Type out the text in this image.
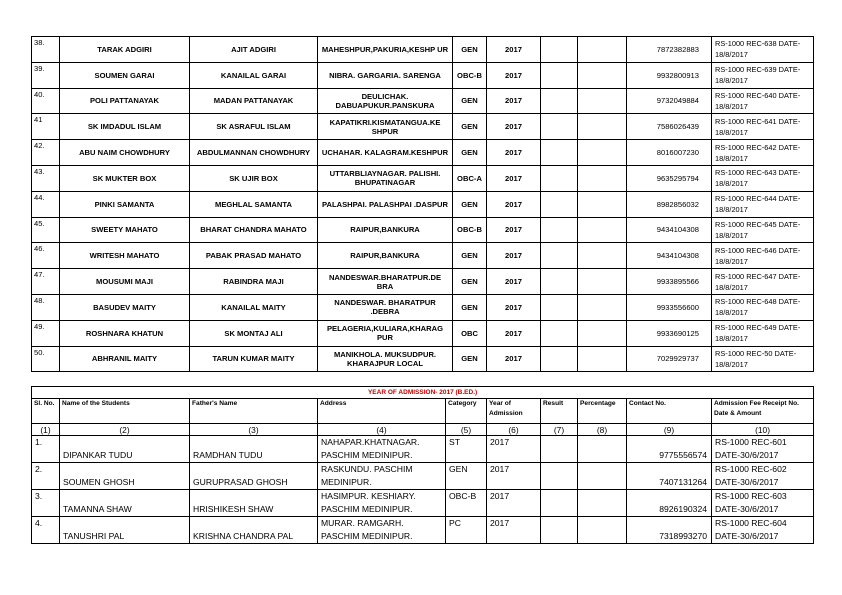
38.	TARAK ADGIRI	AJIT ADGIRI	MAHESHPUR,PAKURIA,KESHP UR	GEN	2017			7872382883	RS-1000 REC-638 DATE- 18/8/2017
39.	SOUMEN GARAI	KANAILAL GARAI	NIBRA. GARGARIA. SARENGA	OBC-B	2017			9932800913	RS-1000 REC-639 DATE- 18/8/2017
40.	POLI PATTANAYAK	MADAN PATTANAYAK	DEULICHAK. DABUAPUKUR.PANSKURA	GEN	2017			9732049884	RS-1000 REC-640 DATE- 18/8/2017
41	SK IMDADUL ISLAM	SK ASRAFUL ISLAM	KAPATIKRI.KISMATANGUA.KE SHPUR	GEN	2017			7586026439	RS-1000 REC-641 DATE- 18/8/2017
42.	ABU NAIM CHOWDHURY	ABDULMANNAN CHOWDHURY	UCHAHAR. KALAGRAM.KESHPUR	GEN	2017			8016007230	RS-1000 REC-642 DATE- 18/8/2017
43.	SK MUKTER BOX	SK UJIR BOX	UTTARBLIAYNAGAR. PALISHI. BHUPATINAGAR	OBC-A	2017			9635295794	RS-1000 REC-643 DATE- 18/8/2017
44.	PINKI SAMANTA	MEGHLAL SAMANTA	PALASHPAI. PALASHPAI .DASPUR	GEN	2017			8982856032	RS-1000 REC-644 DATE- 18/8/2017
45.	SWEETY MAHATO	BHARAT CHANDRA MAHATO	RAIPUR,BANKURA	OBC-B	2017			9434104308	RS-1000 REC-645 DATE- 18/8/2017
46.	WRITESH MAHATO	PABAK PRASAD MAHATO	RAIPUR,BANKURA	GEN	2017			9434104308	RS-1000 REC-646 DATE- 18/8/2017
47.	MOUSUMI MAJI	RABINDRA MAJI	NANDESWAR.BHARATPUR.DE BRA	GEN	2017			9933895566	RS-1000 REC-647 DATE- 18/8/2017
48.	BASUDEV MAITY	KANAILAL MAITY	NANDESWAR. BHARATPUR .DEBRA	GEN	2017			9933556600	RS-1000 REC-648 DATE- 18/8/2017
49.	ROSHNARA KHATUN	SK MONTAJ ALI	PELAGERIA,KULIARA,KHARAG PUR	OBC	2017			9933690125	RS-1000 REC-649 DATE- 18/8/2017
50.	ABHRANIL MAITY	TARUN KUMAR MAITY	MANIKHOLA. MUKSUDPUR. KHARAJPUR LOCAL	GEN	2017			7029929737	RS-1000 REC-50 DATE- 18/8/2017
YEAR OF ADMISSION- 2017 (B.ED.)									
Sl. No.	Name of the Students	Father's Name	Address	Category	Year of Admission	Result	Percentage	Contact No.	Admission Fee Receipt No. Date & Amount
(1)	(2)	(3)	(4)	(5)	(6)	(7)	(8)	(9)	(10)
1.	DIPANKAR TUDU	RAMDHAN TUDU	NAHAPAR.KHATNAGAR. PASCHIM MEDINIPUR.	ST	2017			9775556574	RS-1000 REC-601 DATE-30/6/2017
2.	SOUMEN GHOSH	GURUPRASAD GHOSH	RASKUNDU. PASCHIM MEDINIPUR.	GEN	2017			7407131264	RS-1000 REC-602 DATE-30/6/2017
3.	TAMANNA SHAW	HRISHIKESH SHAW	HASIMPUR. KESHIARY. PASCHIM MEDINIPUR.	OBC-B	2017			8926190324	RS-1000 REC-603 DATE-30/6/2017
4.	TANUSHRI PAL	KRISHNA CHANDRA PAL	MURAR. RAMGARH. PASCHIM MEDINIPUR.	PC	2017			7318993270	RS-1000 REC-604 DATE-30/6/2017
